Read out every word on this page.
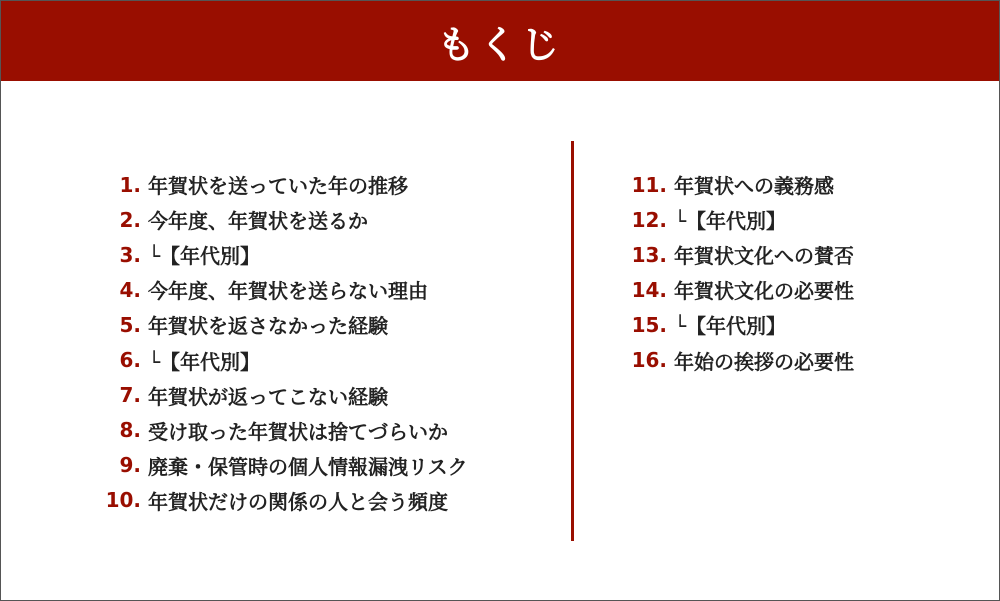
もくじ
1. 年賀状を送っていた年の推移
2. 今年度、年賀状を送るか
3. └【年代別】
4. 今年度、年賀状を送らない理由
5. 年賀状を返さなかった経験
6. └【年代別】
7. 年賀状が返ってこない経験
8. 受け取った年賀状は捨てづらいか
9. 廃棄・保管時の個人情報漏洩リスク
10. 年賀状だけの関係の人と会う頻度
11. 年賀状への義務感
12. └【年代別】
13. 年賀状文化への賛否
14. 年賀状文化の必要性
15. └【年代別】
16. 年始の挨拶の必要性
